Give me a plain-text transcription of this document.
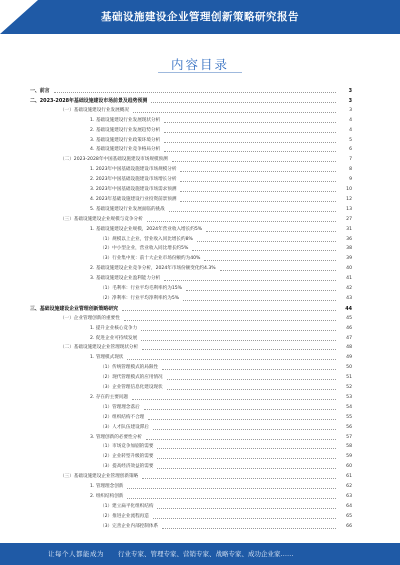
基础设施建设企业管理创新策略研究报告
内容目录
一、前言	3
二、2023-2028年基础设施建设市场前景及趋势预测	3
（一）基础设施建设行业发展概况	3
1. 基础设施建设行业发展现状分析	4
2. 基础设施建设行业发展趋势分析	4
3. 基础设施建设行业政策环境分析	5
4. 基础设施建设行业竞争格局分析	6
（二）2023-2028年中国基础设施建设市场规模预测	7
1. 2023年中国基础设施建设市场规模分析	8
2. 2023年中国基础设施建设市场增长分析	9
3. 2023年中国基础设施建设市场需求预测	10
4. 2023年基础设施建设行业投资前景预测	12
5. 基础设施建设行业发展面临的挑战	13
（三）基础设施建设企业规模与竞争分析	27
1. 基础设施建设企业规模，2024年营业收入增长约5%	31
（1）规模以上企业，营业收入同比增长约8%	36
（2）中小型企业，营业收入同比增长约5%	38
（3）行业集中度：前十大企业市场份额约为40%	39
2. 基础设施建设企业竞争分析，2024年市场份额变化约4.3%	40
3. 基础设施建设企业盈利能力分析	41
（1）毛利率：行业平均毛利率约为15%	42
（2）净利率：行业平均净利率约为5%	43
三、基础设施建设企业管理创新策略研究	44
（一）企业管理创新的重要性	45
1. 提升企业核心竞争力	46
2. 促进企业可持续发展	47
（二）基础设施建设企业管理现状分析	48
1. 管理模式现状	49
（1）传统管理模式的局限性	50
（2）现代管理模式的应用情况	51
（3）企业管理信息化建设现状	52
2. 存在的主要问题	53
（1）管理理念落后	54
（2）组织结构不合理	55
（3）人才队伍建设滞后	56
3. 管理创新的必要性分析	57
（1）市场竞争加剧的需要	58
（2）企业转型升级的需要	59
（3）提高经济效益的需要	60
（三）基础设施建设企业管理创新策略	61
1. 管理理念创新	62
2. 组织结构创新	63
（1）建立扁平化组织结构	64
（2）推进企业流程再造	65
（3）完善企业内部控制体系	66
让每个人都能成为 行业专家、管理专家、营销专家、战略专家、成功企业家……
